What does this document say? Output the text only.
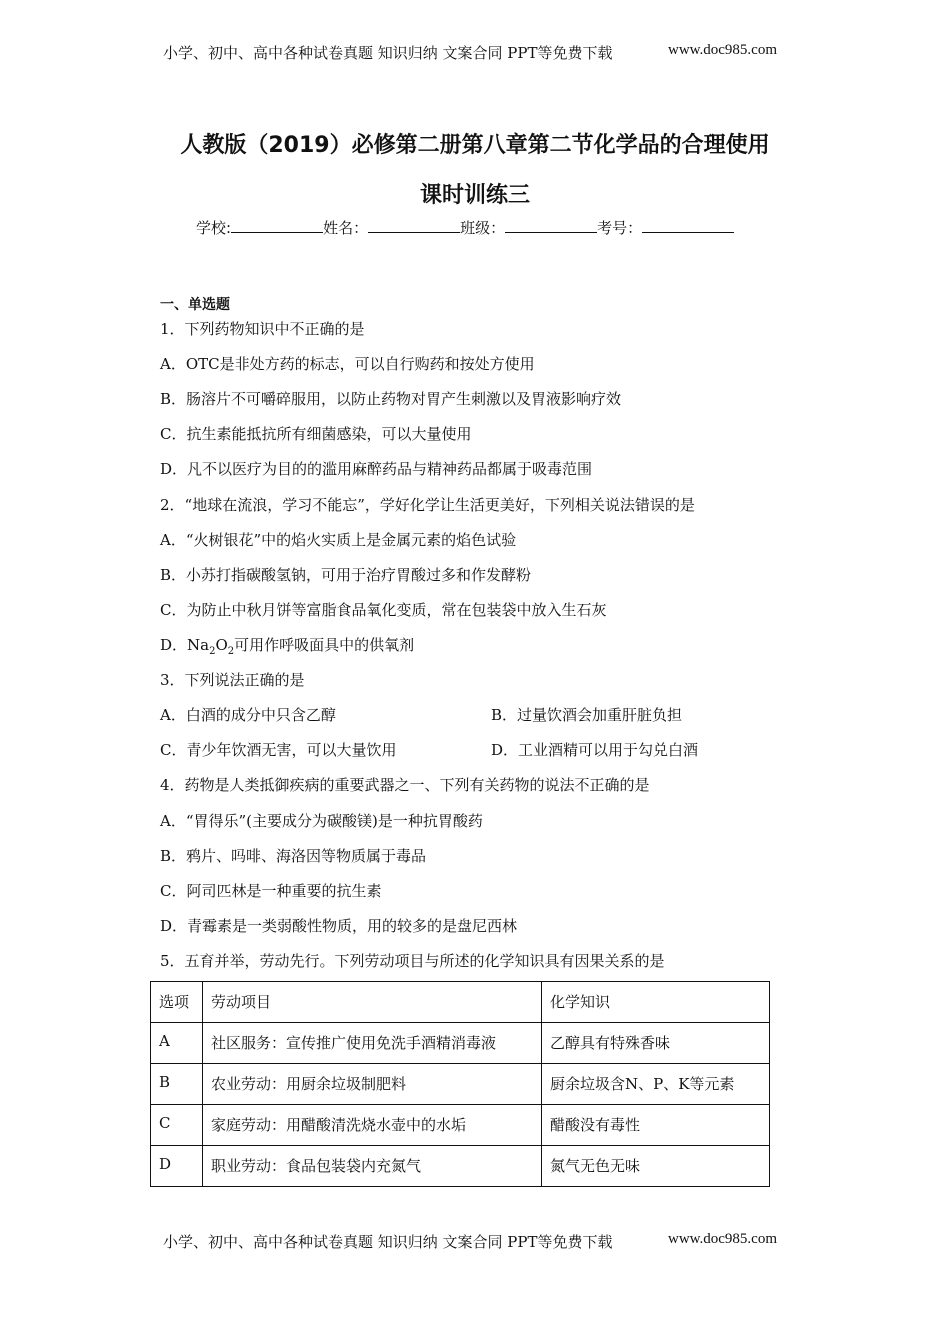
小学、初中、高中各种试卷真题 知识归纳 文案合同 PPT等免费下载	www.doc985.com
人教版（2019）必修第二册第八章第二节化学品的合理使用
课时训练三
学校:	姓名：	班级：	考号：
一、单选题
1．下列药物知识中不正确的是
A．OTC是非处方药的标志，可以自行购药和按处方使用
B．肠溶片不可嚼碎服用，以防止药物对胃产生刺激以及胃液影响疗效
C．抗生素能抵抗所有细菌感染，可以大量使用
D．凡不以医疗为目的的滥用麻醉药品与精神药品都属于吸毒范围
2．“地球在流浪，学习不能忘”，学好化学让生活更美好，下列相关说法错误的是
A．“火树银花”中的焰火实质上是金属元素的焰色试验
B．小苏打指碳酸氢钠，可用于治疗胃酸过多和作发酵粉
C．为防止中秋月饼等富脂食品氧化变质，常在包装袋中放入生石灰
D．$Na_2O_2$可用作呼吸面具中的供氧剂
3．下列说法正确的是
A．白酒的成分中只含乙醇	B．过量饮酒会加重肝脏负担
C．青少年饮酒无害，可以大量饮用	D．工业酒精可以用于勾兑白酒
4．药物是人类抵御疾病的重要武器之一、下列有关药物的说法不正确的是
A．“胃得乐”(主要成分为碳酸镁)是一种抗胃酸药
B．鸦片、吗啡、海洛因等物质属于毒品
C．阿司匹林是一种重要的抗生素
D．青霉素是一类弱酸性物质，用的较多的是盘尼西林
5．五育并举，劳动先行。下列劳动项目与所述的化学知识具有因果关系的是
选项	劳动项目	化学知识
A	社区服务：宣传推广使用免洗手酒精消毒液	乙醇具有特殊香味
B	农业劳动：用厨余垃圾制肥料	厨余垃圾含N、P、K等元素
C	家庭劳动：用醋酸清洗烧水壶中的水垢	醋酸没有毒性
D	职业劳动：食品包装袋内充氮气	氮气无色无味
小学、初中、高中各种试卷真题 知识归纳 文案合同 PPT等免费下载	www.doc985.com
